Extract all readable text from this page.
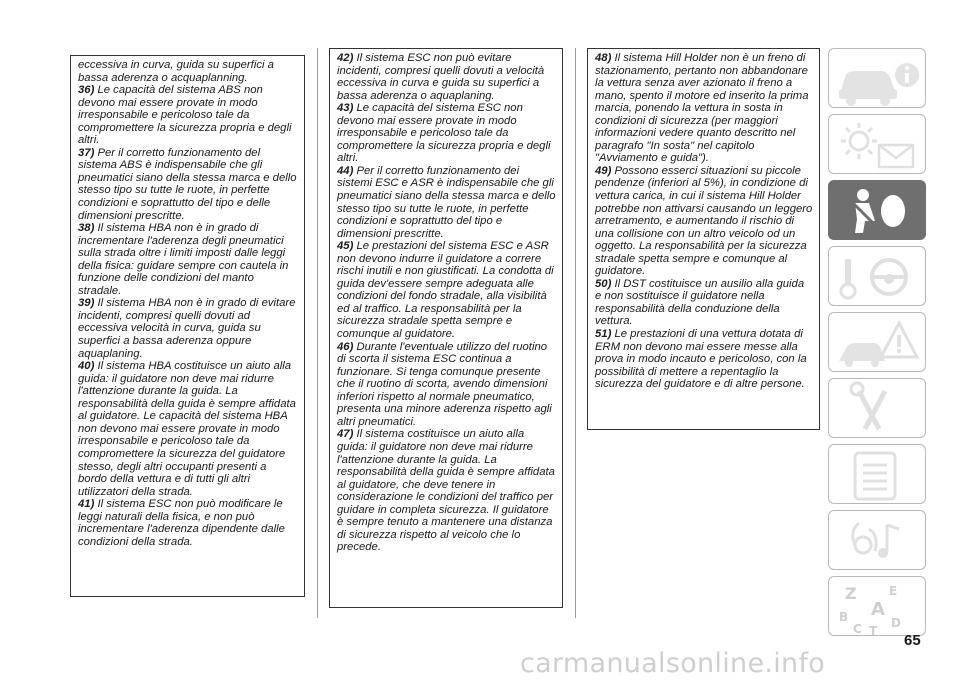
eccessiva in curva, guida su superfici a bassa aderenza o acquaplanning.

36) Le capacità del sistema ABS non devono mai essere provate in modo irresponsabile e pericoloso tale da compromettere la sicurezza propria e degli altri.

37) Per il corretto funzionamento del sistema ABS è indispensabile che gli pneumatici siano della stessa marca e dello stesso tipo su tutte le ruote, in perfette condizioni e soprattutto del tipo e delle dimensioni prescritte.

38) Il sistema HBA non è in grado di incrementare l'aderenza degli pneumatici sulla strada oltre i limiti imposti dalle leggi della fisica: guidare sempre con cautela in funzione delle condizioni del manto stradale.

39) Il sistema HBA non è in grado di evitare incidenti, compresi quelli dovuti ad eccessiva velocità in curva, guida su superfici a bassa aderenza oppure aquaplaning.

40) Il sistema HBA costituisce un aiuto alla guida: il guidatore non deve mai ridurre l'attenzione durante la guida. La responsabilità della guida è sempre affidata al guidatore. Le capacità del sistema HBA non devono mai essere provate in modo irresponsabile e pericoloso tale da compromettere la sicurezza del guidatore stesso, degli altri occupanti presenti a bordo della vettura e di tutti gli altri utilizzatori della strada.

41) Il sistema ESC non può modificare le leggi naturali della fisica, e non può incrementare l'aderenza dipendente dalle condizioni della strada.

42) Il sistema ESC non può evitare incidenti, compresi quelli dovuti a velocità eccessiva in curva e guida su superfici a bassa aderenza o aquaplaning.

43) Le capacità del sistema ESC non devono mai essere provate in modo irresponsabile e pericoloso tale da compromettere la sicurezza propria e degli altri.

44) Per il corretto funzionamento dei sistemi ESC e ASR è indispensabile che gli pneumatici siano della stessa marca e dello stesso tipo su tutte le ruote, in perfette condizioni e soprattutto del tipo e dimensioni prescritte.

45) Le prestazioni del sistema ESC e ASR non devono indurre il guidatore a correre rischi inutili e non giustificati. La condotta di guida dev'essere sempre adeguata alle condizioni del fondo stradale, alla visibilità ed al traffico. La responsabilità per la sicurezza stradale spetta sempre e comunque al guidatore.

46) Durante l'eventuale utilizzo del ruotino di scorta il sistema ESC continua a funzionare. Si tenga comunque presente che il ruotino di scorta, avendo dimensioni inferiori rispetto al normale pneumatico, presenta una minore aderenza rispetto agli altri pneumatici.

47) Il sistema costituisce un aiuto alla guida: il guidatore non deve mai ridurre l'attenzione durante la guida. La responsabilità della guida è sempre affidata al guidatore, che deve tenere in considerazione le condizioni del traffico per guidare in completa sicurezza. Il guidatore è sempre tenuto a mantenere una distanza di sicurezza rispetto al veicolo che lo precede.

48) Il sistema Hill Holder non è un freno di stazionamento, pertanto non abbandonare la vettura senza aver azionato il freno a mano, spento il motore ed inserito la prima marcia, ponendo la vettura in sosta in condizioni di sicurezza (per maggiori informazioni vedere quanto descritto nel paragrafo "In sosta" nel capitolo "Avviamento e guida").

49) Possono esserci situazioni su piccole pendenze (inferiori al 5%), in condizione di vettura carica, in cui il sistema Hill Holder potrebbe non attivarsi causando un leggero arretramento, e aumentando il rischio di una collisione con un altro veicolo od un oggetto. La responsabilità per la sicurezza stradale spetta sempre e comunque al guidatore.

50) Il DST costituisce un ausilio alla guida e non sostituisce il guidatore nella responsabilità della conduzione della vettura.

51) Le prestazioni di una vettura dotata di ERM non devono mai essere messe alla prova in modo incauto e pericoloso, con la possibilità di mettere a repentaglio la sicurezza del guidatore e di altre persone.

Z	E
B A
C T
D
65
carmanualsonline.info
